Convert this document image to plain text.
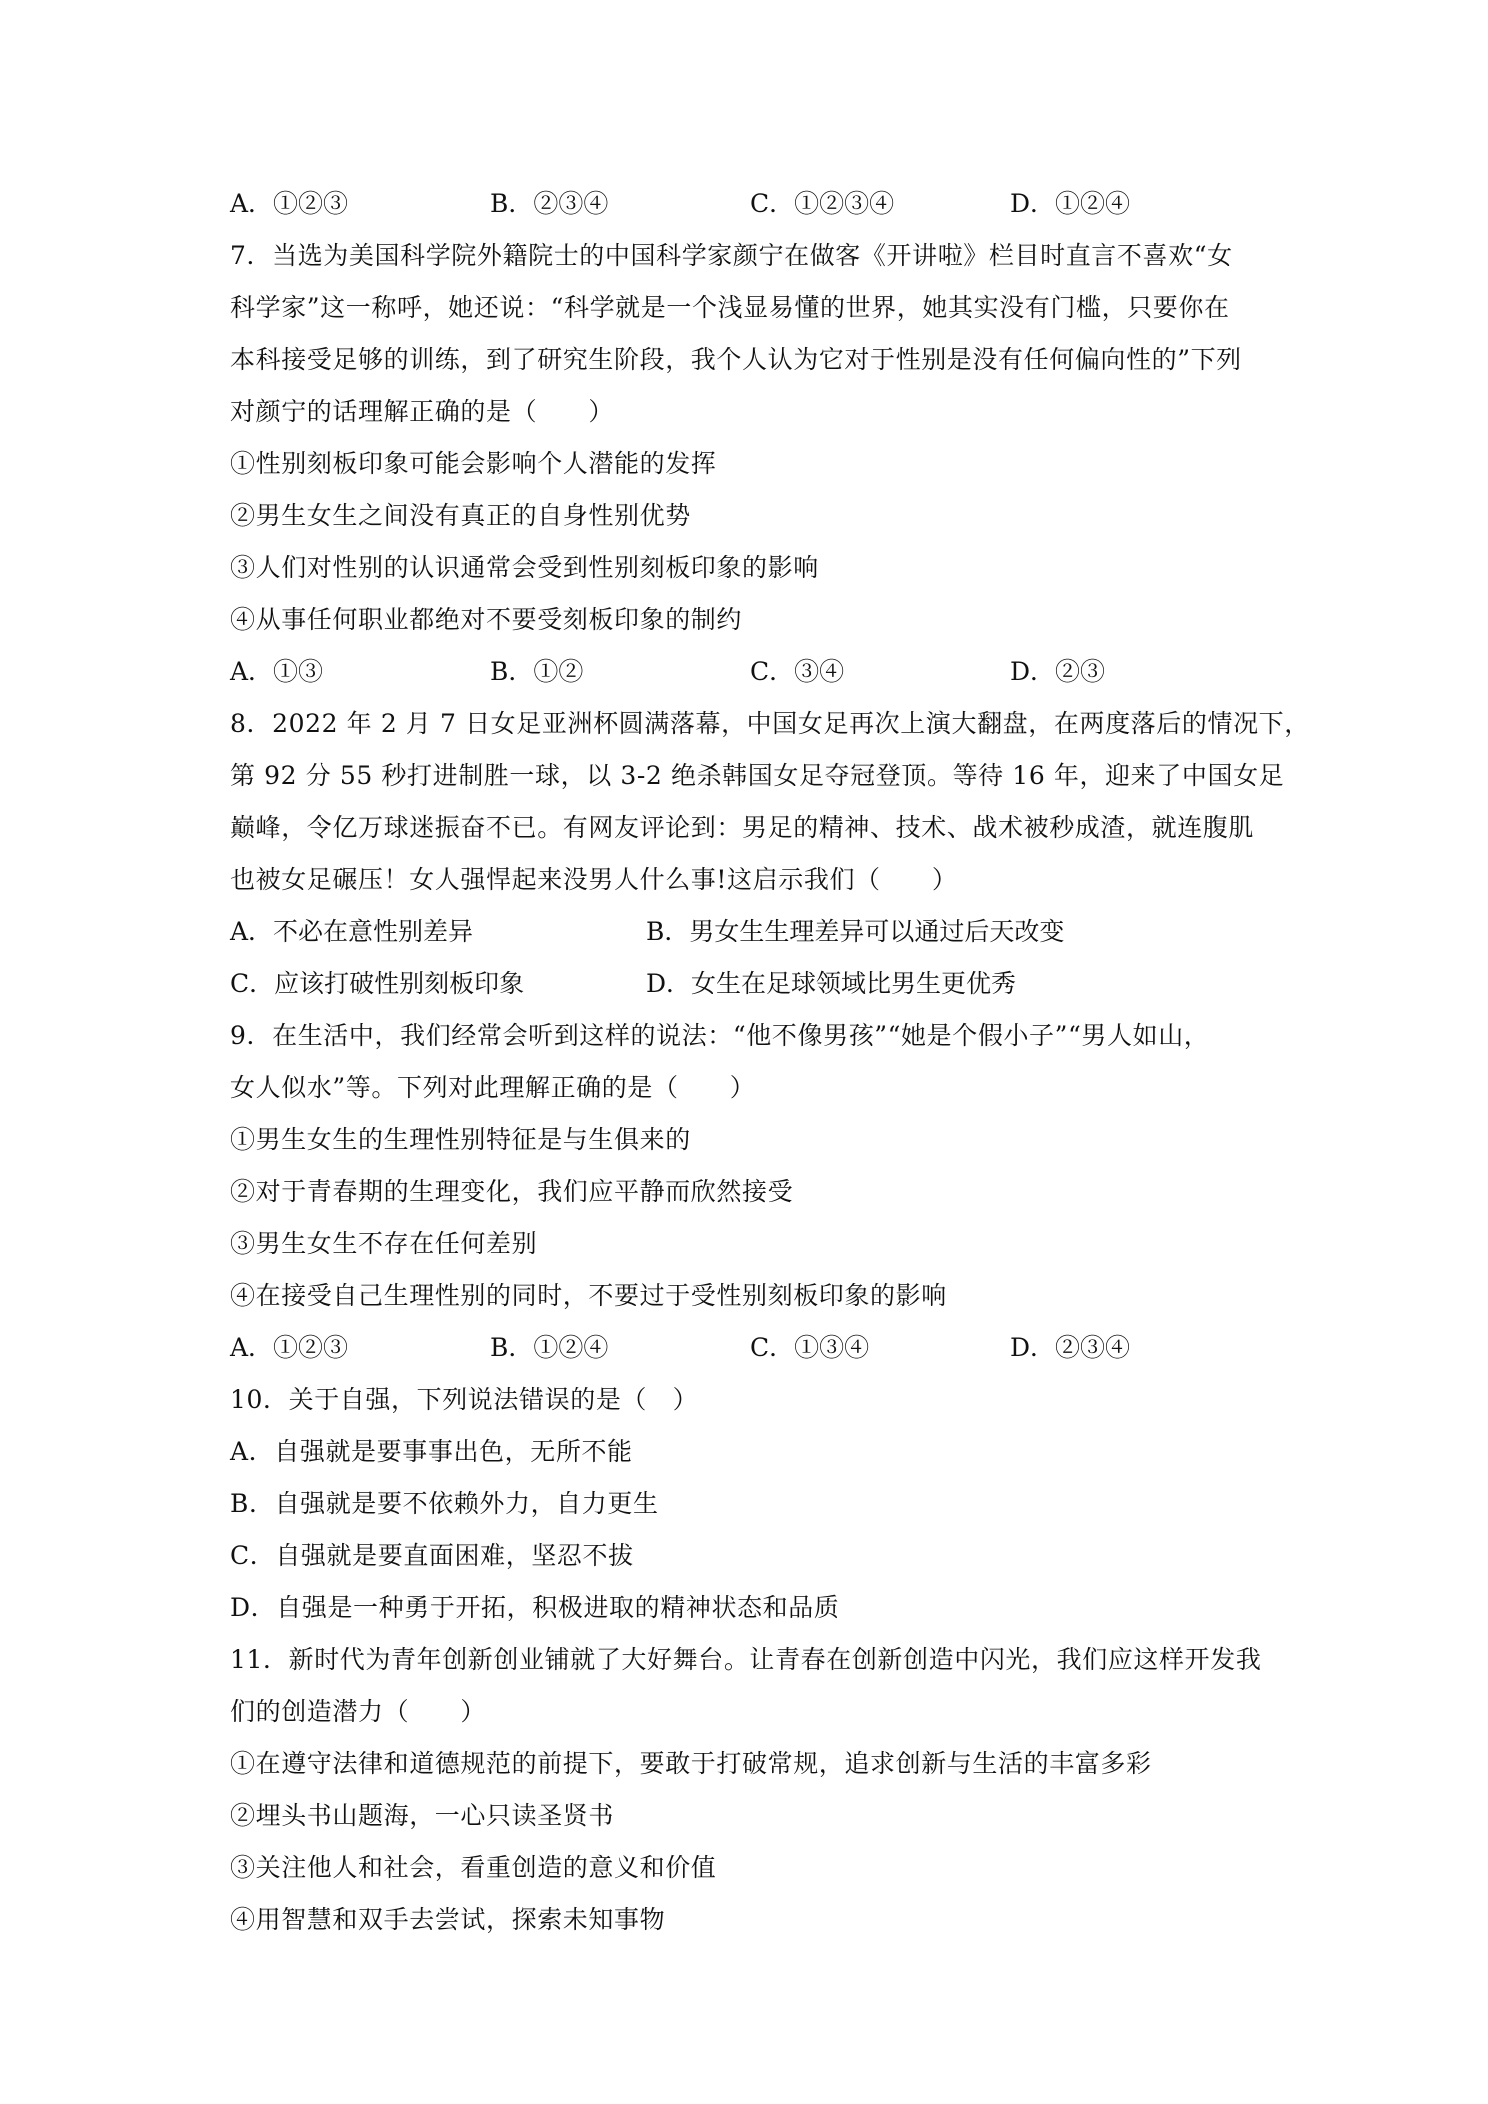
A．①②③	B．②③④	C．①②③④	D．①②④
7．当选为美国科学院外籍院士的中国科学家颜宁在做客《开讲啦》栏目时直言不喜欢“女
科学家”这一称呼，她还说：“科学就是一个浅显易懂的世界，她其实没有门槛，只要你在
本科接受足够的训练，到了研究生阶段，我个人认为它对于性别是没有任何偏向性的”下列
对颜宁的话理解正确的是（　　）
①性别刻板印象可能会影响个人潜能的发挥
②男生女生之间没有真正的自身性别优势
③人们对性别的认识通常会受到性别刻板印象的影响
④从事任何职业都绝对不要受刻板印象的制约
A．①③	B．①②	C．③④	D．②③
8．2022 年 2 月 7 日女足亚洲杯圆满落幕，中国女足再次上演大翻盘，在两度落后的情况下，
第 92 分 55 秒打进制胜一球，以 3-2 绝杀韩国女足夺冠登顶。等待 16 年，迎来了中国女足
巅峰，令亿万球迷振奋不已。有网友评论到：男足的精神、技术、战术被秒成渣，就连腹肌
也被女足碾压！女人强悍起来没男人什么事!这启示我们（　　）
A．不必在意性别差异	B．男女生生理差异可以通过后天改变
C．应该打破性别刻板印象	D．女生在足球领域比男生更优秀
9．在生活中，我们经常会听到这样的说法：“他不像男孩”“她是个假小子”“男人如山，
女人似水”等。下列对此理解正确的是（　　）
①男生女生的生理性别特征是与生俱来的
②对于青春期的生理变化，我们应平静而欣然接受
③男生女生不存在任何差别
④在接受自己生理性别的同时，不要过于受性别刻板印象的影响
A．①②③	B．①②④	C．①③④	D．②③④
10．关于自强，下列说法错误的是（　）
A．自强就是要事事出色，无所不能
B．自强就是要不依赖外力，自力更生
C．自强就是要直面困难，坚忍不拔
D．自强是一种勇于开拓，积极进取的精神状态和品质
11．新时代为青年创新创业铺就了大好舞台。让青春在创新创造中闪光，我们应这样开发我
们的创造潜力（　　）
①在遵守法律和道德规范的前提下，要敢于打破常规，追求创新与生活的丰富多彩
②埋头书山题海，一心只读圣贤书
③关注他人和社会，看重创造的意义和价值
④用智慧和双手去尝试，探索未知事物
